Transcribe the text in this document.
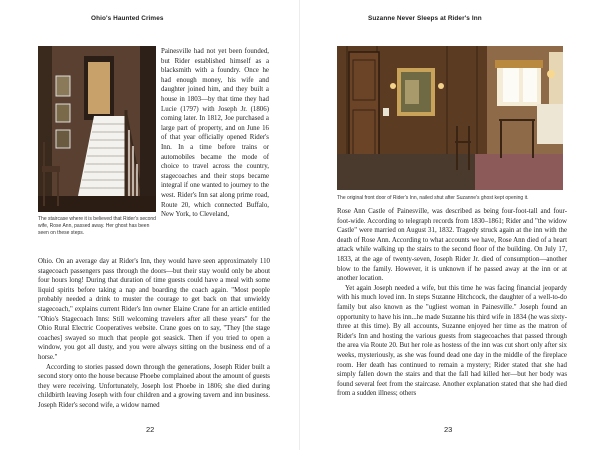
Ohio's Haunted Crimes
The staircase where it is believed that Rider's second wife, Rose Ann, passed away. Her ghost has been seen on these steps.

Painesville had not yet been founded, but Rider established himself as a blacksmith with a foundry. Once he had enough money, his wife and daughter joined him, and they built a house in 1803—by that time they had Lucie (1797) with Joseph Jr. (1806) coming later. In 1812, Joe purchased a large part of property, and on June 16 of that year officially opened Rider's Inn. In a time before trains or automobiles became the mode of choice to travel across the country, stagecoaches and their stops became integral if one wanted to journey to the west. Rider's Inn sat along prime road, Route 20, which connected Buffalo, New York, to Cleveland,

Ohio. On an average day at Rider's Inn, they would have seen approximately 110 stagecoach passengers pass through the doors—but their stay would only be about four hours long! During that duration of time guests could have a meal with some liquid spirits before taking a nap and boarding the coach again. "Most people probably needed a drink to muster the courage to get back on that unwieldy stagecoach," explains current Rider's Inn owner Elaine Crane for an article entitled "Ohio's Stagecoach Inns: Still welcoming travelers after all these years" for the Ohio Rural Electric Cooperatives website. Crane goes on to say, "They [the stage coaches] swayed so much that people got seasick. Then if you tried to open a window, you got all dusty, and you were always sitting on the business end of a horse."

According to stories passed down through the generations, Joseph Rider built a second story onto the house because Phoebe complained about the amount of guests they were receiving. Unfortunately, Joseph lost Phoebe in 1806; she died during childbirth leaving Joseph with four children and a growing tavern and inn business. Joseph Rider's second wife, a widow named

22
Suzanne Never Sleeps at Rider's Inn
The original front door of Rider's Inn, nailed shut after Suzanne's ghost kept opening it.

Rose Ann Castle of Painesville, was described as being four-foot-tall and four-foot-wide. According to telegraph records from 1830–1861; Rider and "the widow Castle" were married on August 31, 1832. Tragedy struck again at the inn with the death of Rose Ann. According to what accounts we have, Rose Ann died of a heart attack while walking up the stairs to the second floor of the building. On July 17, 1833, at the age of twenty-seven, Joseph Rider Jr. died of consumption—another blow to the family. However, it is unknown if he passed away at the inn or at another location.

Yet again Joseph needed a wife, but this time he was facing financial jeopardy with his much loved inn. In steps Suzanne Hitchcock, the daughter of a well-to-do family but also known as the "ugliest woman in Painesville." Joseph found an opportunity to have his inn...he made Suzanne his third wife in 1834 (he was sixty-three at this time). By all accounts, Suzanne enjoyed her time as the matron of Rider's Inn and hosting the various guests from stagecoaches that passed through the area via Route 20. But her role as hostess of the inn was cut short only after six weeks, mysteriously, as she was found dead one day in the middle of the fireplace room. Her death has continued to remain a mystery; Rider stated that she had simply fallen down the stairs and that the fall had killed her—but her body was found several feet from the staircase. Another explanation stated that she had died from a sudden illness; others

23
